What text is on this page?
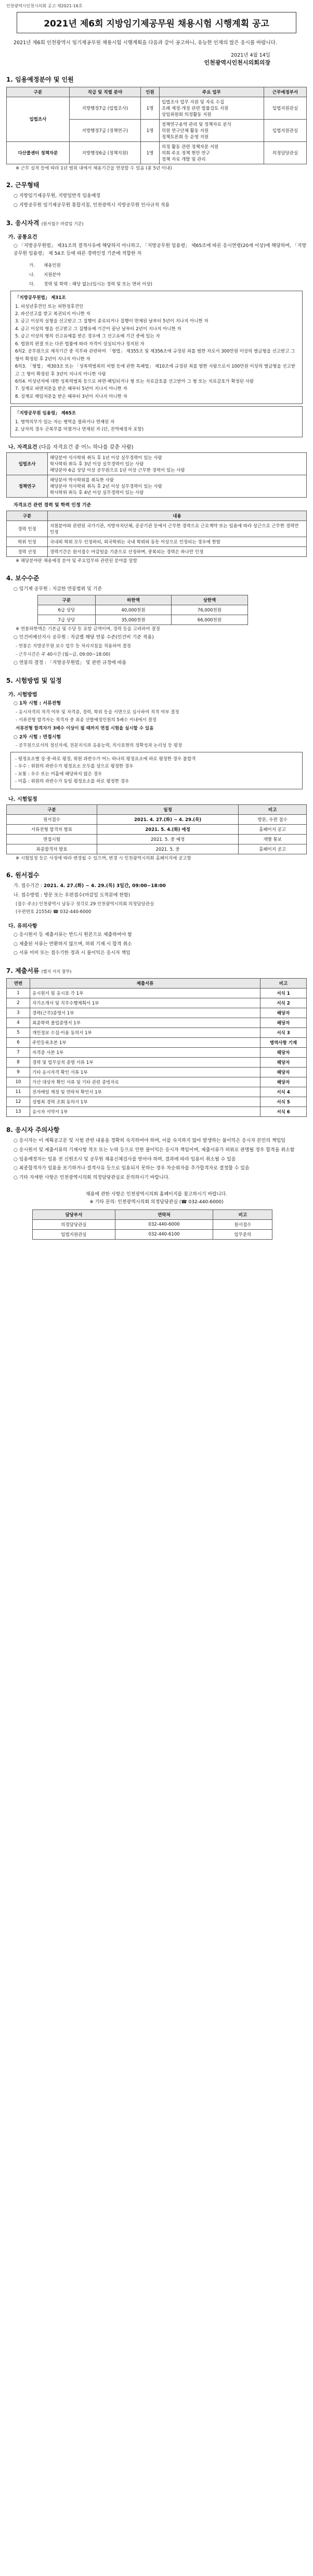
인천광역시인천시의회 공고 제2021-16호
2021년 제6회 지방임기제공무원 채용시험 시행계획 공고

2021년 제6회 인천광역시 임기제공무원 채용시험 시행계획을 다음과 같이 공고하니, 유능한 인재의 많은 응시를 바랍니다.

2021년 4월 14일
인천광역시인천시의회의장
1. 임용예정분야 및 인원
구분	직급 및 직렬 분야	인원	주요 업무	근무예정부서
입법조사	지방행정7급 (입법조사)	1명	입법조사 업무 지원 및 자료 수집
조례 제정·개정 관련 법률검토 지원
상임위원회 의정활동 지원	입법지원관실
	지방행정7급 (정책연구)	1명	정책연구용역 관리 및 정책자료 분석
의원 연구단체 활동 지원
정책토론회 등 운영 지원	입법지원관실
다산콜센터 정책자문	지방행정6급 (정책지원)	1명	의정 활동 관련 정책자문 지원
의회 주요 정책 현안 연구
정책 자료 개발 및 관리	의정담당관실

※ 근무 실적 등에 따라 1년 범위 내에서 채용기간을 연장할 수 있음 (총 5년 이내)

2. 근무형태

○ 지방임기제공무원, 지방일반직 임용예정

○ 지방공무원 임기제공무원 통합지침, 인천광역시 지방공무원 인사규칙 적용

3. 응시자격 (원서접수 마감일 기준)
가. 공통요건

○ 「지방공무원법」 제31조의 결격사유에 해당하지 아니하고, 「지방공무원 임용령」 제65조에 따른 응시연령(20세 이상)에 해당하며, 「지방공무원 임용령」 제 54조 등에 따른 경력인정 기준에 적합한 자

가.	채용인원
나.	지원분야
다.	경력 및 학력 : 해당 없는(임시는 경력 및 또는 면허 이상)

「지방공무원법」 제31조

1. 피성년후견인 또는 피한정후견인

2. 파산선고를 받고 복권되지 아니한 자

3. 금고 이상의 실형을 선고받고 그 집행이 종료되거나 집행이 면제된 날부터 5년이 지나지 아니한 자

4. 금고 이상의 형을 선고받고 그 집행유예 기간이 끝난 날부터 2년이 지나지 아니한 자

5. 금고 이상의 형의 선고유예를 받은 경우에 그 선고유예 기간 중에 있는 자

6. 법원의 판결 또는 다른 법률에 따라 자격이 상실되거나 정지된 자

6의2. 공무원으로 재직기간 중 직무와 관련하여 「형법」 제355조 및 제356조에 규정된 죄를 범한 자로서 300만원 이상의 벌금형을 선고받고 그 형이 확정된 후 2년이 지나지 아니한 자

6의3. 「형법」 제303조 또는 「성폭력범죄의 처벌 등에 관한 특례법」 제10조에 규정된 죄를 범한 사람으로서 100만원 이상의 벌금형을 선고받고 그 형이 확정된 후 3년이 지나지 아니한 사람

6의4. 미성년자에 대한 성폭력범죄 등으로 파면·해임되거나 형 또는 치료감호를 선고받아 그 형 또는 치료감호가 확정된 사람

7. 징계로 파면처분을 받은 때부터 5년이 지나지 아니한 자

8. 징계로 해임처분을 받은 때부터 3년이 지나지 아니한 자

「지방공무원 임용령」 제65조

1. 병역의무가 있는 자는 병역을 필하거나 면제된 자

2. 남자의 경우 군복무를 마쳤거나 면제된 자 (단, 전역예정자 포함)

나. 자격요건 (다음 자격요건 중 어느 하나를 갖춘 사람)
입법조사	해당분야 석사학위 취득 후 1년 이상 실무경력이 있는 사람
학사학위 취득 후 3년 이상 실무경력이 있는 사람
해당분야 6급 상당 이상 공무원으로 1년 이상 근무한 경력이 있는 사람

정책연구	해당분야 박사학위를 취득한 사람
해당분야 석사학위 취득 후 2년 이상 실무경력이 있는 사람
학사학위 취득 후 4년 이상 실무경력이 있는 사람

자격요건 관련 경력 및 학력 인정 기준

구분	내용
경력 인정	지원분야와 관련된 국가기관, 지방자치단체, 공공기관 등에서 근무한 경력으로 근로계약 또는 임용에 따라 상근으로 근무한 경력만 인정
학위 인정	국내외 학위 모두 인정하되, 외국학위는 국내 학위와 동등 이상으로 인정되는 경우에 한함
경력 산정	경력기간은 원서접수 마감일을 기준으로 산정하며, 중복되는 경력은 하나만 인정

※ 해당분야란 채용예정 분야 및 주요업무와 관련된 분야를 말함

4. 보수수준

○ 임기제 공무원 : 지급한 연봉범위 및 기준

구분	하한액	상한액
6급 상당	40,000천원	76,000천원
7급 상당	35,000천원	66,000천원

※ 연봉하한액은 기본급 및 수당 등 포함 금액이며, 경력 등을 고려하여 결정

○ 인건비예산지시 공무원 : 직급별 해당 연봉 수준(인건비 기준 적용)

- 연봉은 지방공무원 보수 업무 등 처리지침을 적용하여 결정

- 근무시간은 주 40시간 (월~금, 09:00~18:00)

○ 연봉의 결정 : 「지방공무원법」 및 관련 규정에 따름

5. 시험방법 및 일정
가. 시험방법

○ 1차 시험 : 서류전형

- 응시자격의 적격 여부 및 자격증, 경력, 학위 등을 서면으로 심사하여 적격 여부 결정

- 서류전형 합격자는 적격자 중 최종 선발예정인원의 5배수 이내에서 결정

서류전형 합격자가 3배수 이상이 될 때까지 면접 시험을 실시할 수 있음

○ 2차 시험 : 면접시험

- 공무원으로서의 정신자세, 전문지식과 응용능력, 의사표현의 정확성과 논리성 등 평정

- 평정요소별 상·중·하로 평정, 위원 과반수가 어느 하나의 평정요소에 하로 평정한 경우 불합격

- 우수 : 위원의 과반수가 평정요소 모두를 상으로 평정한 경우

- 보통 : 우수 또는 미흡에 해당하지 않은 경우

- 미흡 : 위원의 과반수가 동일 평정요소를 하로 평정한 경우

나. 시험일정
구분	일정	비고
원서접수	2021. 4. 27.(화) ~ 4. 29.(목)	방문, 우편 접수
서류전형 합격자 발표	2021. 5. 4.(화) 예정	홈페이지 공고
면접시험	2021. 5. 중 예정	개별 통보
최종합격자 발표	2021. 5. 중	홈페이지 공고

※ 시험일정 등은 사정에 따라 변경될 수 있으며, 변경 시 인천광역시의회 홈페이지에 공고함

6. 원서접수

가. 접수기간 : 2021. 4. 27.(화) ~ 4. 29.(목) 3일간, 09:00~18:00

나. 접수방법 : 방문 또는 우편접수(마감일 도착분에 한함)

(접수 주소) 인천광역시 남동구 정각로 29 인천광역시의회 의정담당관실

(우편번호 21554) ☎ 032-440-6000

다. 유의사항

○ 응시원서 등 제출서류는 반드시 원본으로 제출하여야 함

○ 제출된 서류는 반환하지 않으며, 허위 기재 시 합격 취소

○ 서류 미비 또는 접수기한 경과 시 불이익은 응시자 책임

7. 제출서류 (별지 서식 참부)
연번	제출서류	비고
1	응시원서 및 응시표 각 1부	서식 1
2	자기소개서 및 직무수행계획서 1부	서식 2
3	경력(근무)증명서 1부	해당자
4	최종학력 졸업증명서 1부	해당자
5	개인정보 수집·이용 동의서 1부	서식 3
6	주민등록초본 1부	병역사항 기재
7	자격증 사본 1부	해당자
8	경력 및 업무실적 증명 서류 1부	해당자
9	기타 응시자격 확인 서류 1부	해당자
10	가산 대상자 확인 서류 및 기타 관련 증빙자료	해당자
11	전자메일 계정 및 연락처 확인서 1부	서식 4
12	성범죄 경력 조회 동의서 1부	서식 5
13	응시자 서약서 1부	서식 6
8. 응시자 주의사항

○ 응시자는 이 계획공고문 및 시험 관련 내용을 정확히 숙지하여야 하며, 이를 숙지하지 않아 발생하는 불이익은 응시자 본인의 책임임

○ 응시원서 및 제출서류의 기재사항 착오 또는 누락 등으로 인한 불이익은 응시자 책임이며, 제출서류가 허위로 판명될 경우 합격을 취소함

○ 임용예정자는 임용 전 신원조사 및 공무원 채용신체검사를 받아야 하며, 결과에 따라 임용이 취소될 수 있음

○ 최종합격자가 임용을 포기하거나 결격사유 등으로 임용되지 못하는 경우 차순위자를 추가합격자로 결정할 수 있음

○ 기타 자세한 사항은 인천광역시의회 의정담당관실로 문의하시기 바랍니다.

채용에 관한 사항은 인천광역시의회 홈페이지를 참고하시기 바랍니다.
※ 기타 문의: 인천광역시의회 의정담당관실 (☎ 032-440-6000)
담당부서	연락처	비고
의정담당관실	032-440-6000	원서접수
입법지원관실	032-440-6100	업무문의
